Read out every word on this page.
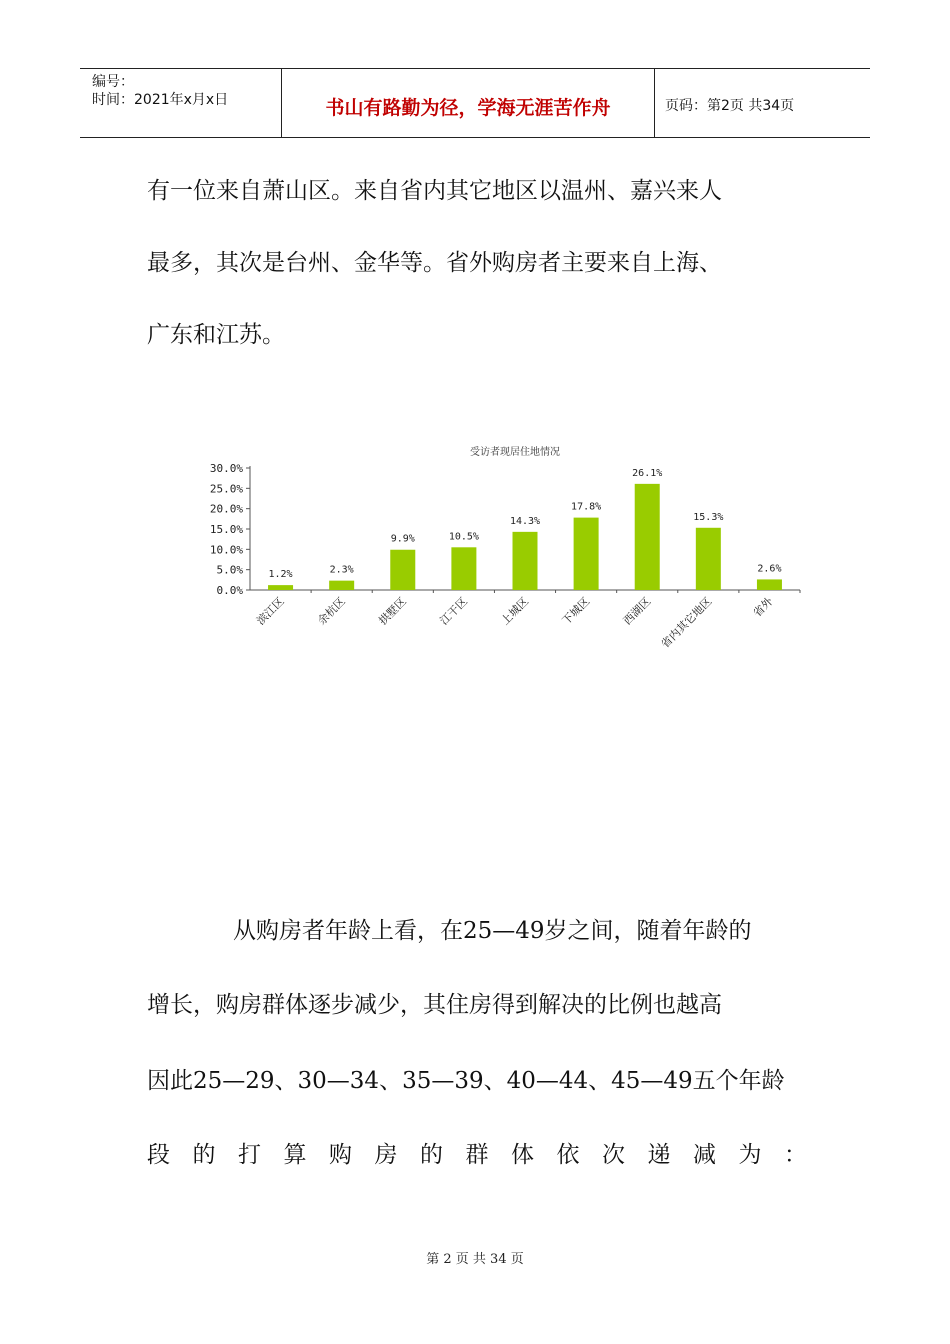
编号：
时间：2021年x月x日	书山有路勤为径，学海无涯苦作舟	页码：第2页 共34页
有一位来自萧山区。来自省内其它地区以温州、嘉兴来人
最多，其次是台州、金华等。省外购房者主要来自上海、
广东和江苏。
受访者现居住地情况
0.0%
5.0%
10.0%
15.0%
20.0%
25.0%
30.0%
1.2%
滨江区
2.3%
余杭区
9.9%
拱墅区
10.5%
江干区
14.3%
上城区
17.8%
下城区
26.1%
西湖区
15.3%
省内其它地区
2.6%
省外
从购房者年龄上看，在25—49岁之间，随着年龄的
增长，购房群体逐步减少，其住房得到解决的比例也越高
因此25—29、30—34、35—39、40—44、45—49五个年龄
段 的 打 算 购 房 的 群 体 依 次 递 减 为 ：
第 2 页 共 34 页
